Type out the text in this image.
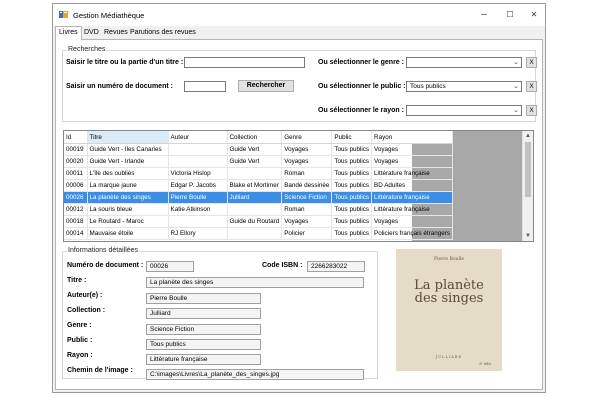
Gestion Médiathèque	–	☐	✕
Livres DVD Revues Parutions des revues
Recherches
Saisir le titre ou la partie d'un titre :
Saisir un numéro de document :	Rechercher
Ou sélectionner le genre :	⌄	X
Ou sélectionner le public : Tous publics	⌄	X
Ou sélectionner le rayon :	⌄	X
Id	Titre	Auteur	Collection	Genre	Public	Rayon
00019	Guide Vert - Iles Canaries		Guide Vert	Voyages	Tous publics	Voyages
00020	Guide Vert - Irlande		Guide Vert	Voyages	Tous publics	Voyages
00011	L'île des oubliés	Victoria Hislop		Roman	Tous publics	Littérature française
00006	La marque jaune	Edgar P. Jacobs	Blake et Mortimer	Bande dessinée	Tous publics	BD Adultes
00026	La planète des singes	Pierre Boulle	Julliard	Science Fiction	Tous publics	Littérature française
00012	La souris bleue	Katie Atkinson		Roman	Tous publics	Littérature française
00018	Le Routard - Maroc		Guide du Routard	Voyages	Tous publics	Voyages
00014	Mauvaise étoile	RJ Ellory		Policier	Tous publics	Policiers français étrangers
▲
▼
Informations détaillées
Numéro de document :	00026	Code ISBN :	2266283022
Titre :	La planète des singes
Auteur(e) :	Pierre Boulle
Collection :	Julliard
Genre :
Science Fiction
Public :
Tous publics
Rayon :
Littérature française
Chemin de l'image :
C:\images\Livres\La_planète_des_singes.jpg
Pierre Boulle
La planète
des singes
JULLIARD
8ᵉ édit.
